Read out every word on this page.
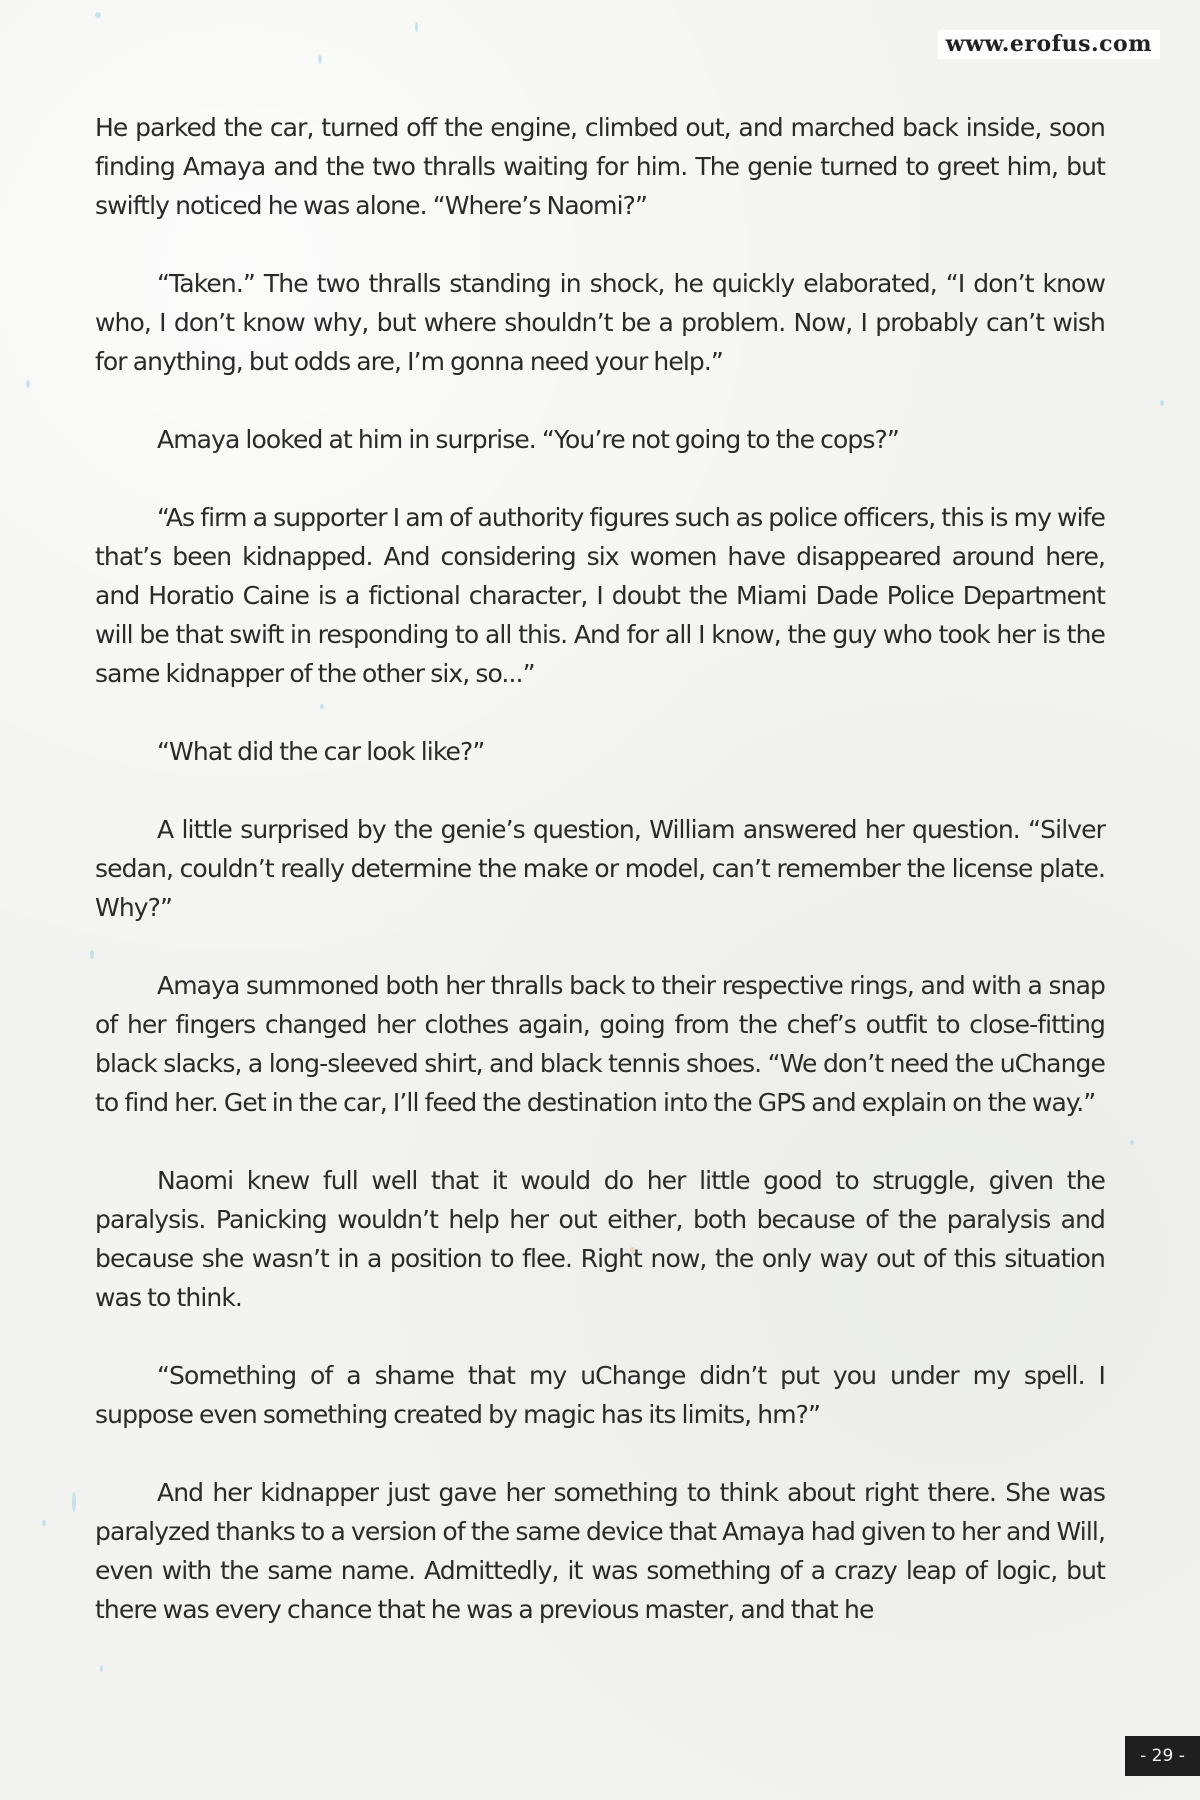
www.erofus.com

He parked the car, turned off the engine, climbed out, and marched back inside, soon finding Amaya and the two thralls waiting for him. The genie turned to greet him, but swiftly noticed he was alone. “Where’s Naomi?”

“Taken.” The two thralls standing in shock, he quickly elaborated, “I don’t know who, I don’t know why, but where shouldn’t be a problem. Now, I probably can’t wish for anything, but odds are, I’m gonna need your help.”

Amaya looked at him in surprise. “You’re not going to the cops?”

“As firm a supporter I am of authority figures such as police officers, this is my wife that’s been kidnapped. And considering six women have disappeared around here, and Horatio Caine is a fictional character, I doubt the Miami Dade Police Department will be that swift in responding to all this. And for all I know, the guy who took her is the same kidnapper of the other six, so...”

“What did the car look like?”

A little surprised by the genie’s question, William answered her question. “Silver sedan, couldn’t really determine the make or model, can’t remember the license plate. Why?”

Amaya summoned both her thralls back to their respective rings, and with a snap of her fingers changed her clothes again, going from the chef’s outfit to close-fitting black slacks, a long-sleeved shirt, and black tennis shoes. “We don’t need the uChange to find her. Get in the car, I’ll feed the destination into the GPS and explain on the way.”

Naomi knew full well that it would do her little good to struggle, given the paralysis. Panicking wouldn’t help her out either, both because of the paralysis and because she wasn’t in a position to flee. Right now, the only way out of this situation was to think.

“Something of a shame that my uChange didn’t put you under my spell. I suppose even something created by magic has its limits, hm?”

And her kidnapper just gave her something to think about right there. She was paralyzed thanks to a version of the same device that Amaya had given to her and Will, even with the same name. Admittedly, it was something of a crazy leap of logic, but there was every chance that he was a previous master, and that he

- 29 -
